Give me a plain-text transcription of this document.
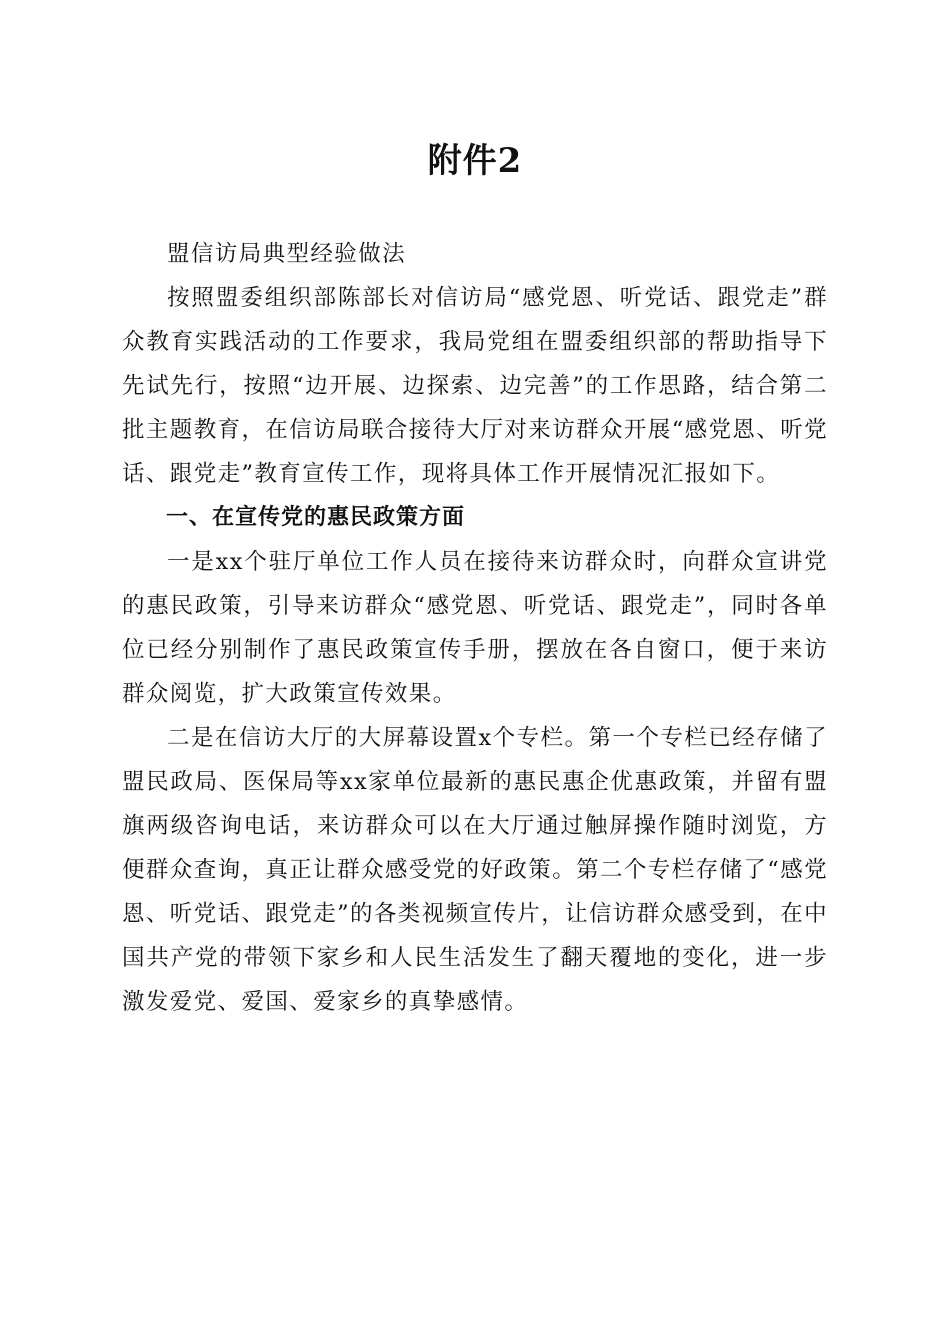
附件2

盟信访局典型经验做法

按照盟委组织部陈部长对信访局“感党恩、听党话、跟党走”群众教育实践活动的工作要求，我局党组在盟委组织部的帮助指导下先试先行，按照“边开展、边探索、边完善”的工作思路，结合第二批主题教育，在信访局联合接待大厅对来访群众开展“感党恩、听党话、跟党走”教育宣传工作，现将具体工作开展情况汇报如下。

一、在宣传党的惠民政策方面

一是xx个驻厅单位工作人员在接待来访群众时，向群众宣讲党的惠民政策，引导来访群众“感党恩、听党话、跟党走”，同时各单位已经分别制作了惠民政策宣传手册，摆放在各自窗口，便于来访群众阅览，扩大政策宣传效果。

二是在信访大厅的大屏幕设置x个专栏。第一个专栏已经存储了盟民政局、医保局等xx家单位最新的惠民惠企优惠政策，并留有盟旗两级咨询电话，来访群众可以在大厅通过触屏操作随时浏览，方便群众查询，真正让群众感受党的好政策。第二个专栏存储了“感党恩、听党话、跟党走”的各类视频宣传片，让信访群众感受到，在中国共产党的带领下家乡和人民生活发生了翻天覆地的变化，进一步激发爱党、爱国、爱家乡的真挚感情。
